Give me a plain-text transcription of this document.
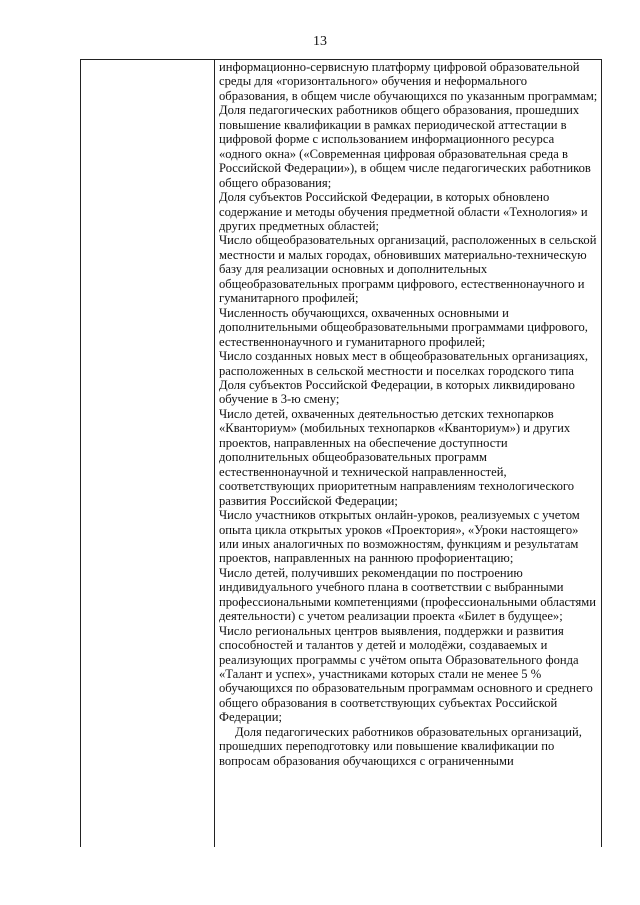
13

информационно-сервисную платформу цифровой образовательной среды для «горизонтального» обучения и неформального образования, в общем числе обучающихся по указанным программам;

Доля педагогических работников общего образования, прошедших повышение квалификации в рамках периодической аттестации в цифровой форме с использованием информационного ресурса «одного окна» («Современная цифровая образовательная среда в Российской Федерации»), в общем числе педагогических работников общего образования;

Доля субъектов Российской Федерации, в которых обновлено содержание и методы обучения предметной области «Технология» и других предметных областей;

Число общеобразовательных организаций, расположенных в сельской местности и малых городах, обновивших материально-техническую базу для реализации основных и дополнительных общеобразовательных программ цифрового, естественнонаучного и гуманитарного профилей;

Численность обучающихся, охваченных основными и дополнительными общеобразовательными программами цифрового, естественнонаучного и гуманитарного профилей;

Число созданных новых мест в общеобразовательных организациях, расположенных в сельской местности и поселках городского типа

Доля субъектов Российской Федерации, в которых ликвидировано обучение в 3-ю смену;

Число детей, охваченных деятельностью детских технопарков «Кванториум» (мобильных технопарков «Кванториум») и других проектов, направленных на обеспечение доступности дополнительных общеобразовательных программ естественнонаучной и технической направленностей, соответствующих приоритетным направлениям технологического развития Российской Федерации;

Число участников открытых онлайн-уроков, реализуемых с учетом опыта цикла открытых уроков «Проектория», «Уроки настоящего» или иных аналогичных по возможностям, функциям и результатам проектов, направленных на раннюю профориентацию;

Число детей, получивших рекомендации по построению индивидуального учебного плана в соответствии с выбранными профессиональными компетенциями (профессиональными областями деятельности) с учетом реализации проекта «Билет в будущее»;

Число региональных центров выявления, поддержки и развития способностей и талантов у детей и молодёжи, создаваемых и реализующих программы с учётом опыта Образовательного фонда «Талант и успех», участниками которых стали не менее 5 % обучающихся по образовательным программам основного и среднего общего образования в соответствующих субъектах Российской Федерации;

Доля педагогических работников образовательных организаций, прошедших переподготовку или повышение квалификации по вопросам образования обучающихся с ограниченными
